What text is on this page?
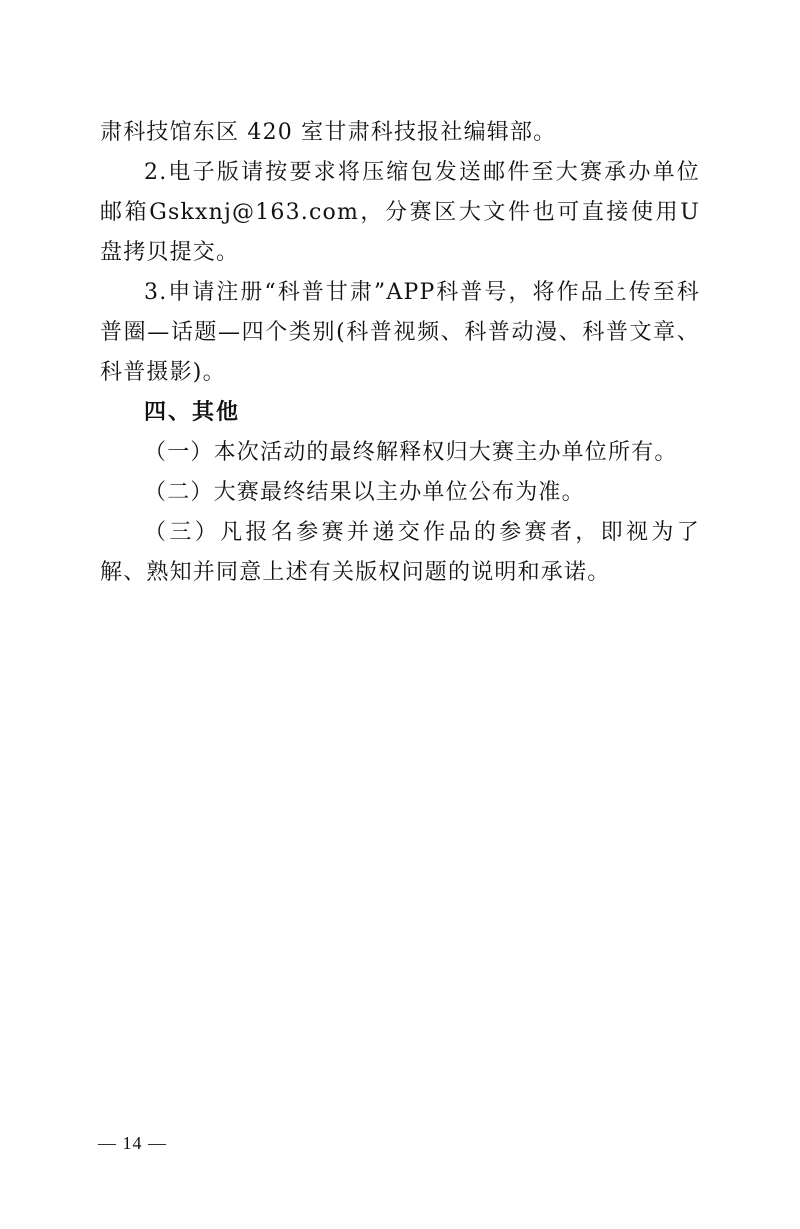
肃科技馆东区 420 室甘肃科技报社编辑部。

2.电子版请按要求将压缩包发送邮件至大赛承办单位邮箱Gskxnj@163.com，分赛区大文件也可直接使用U盘拷贝提交。

3.申请注册“科普甘肃”APP科普号，将作品上传至科普圈—话题—四个类别(科普视频、科普动漫、科普文章、科普摄影)。

四、其他

（一）本次活动的最终解释权归大赛主办单位所有。

（二）大赛最终结果以主办单位公布为准。

（三）凡报名参赛并递交作品的参赛者，即视为了解、熟知并同意上述有关版权问题的说明和承诺。

— 14 —
